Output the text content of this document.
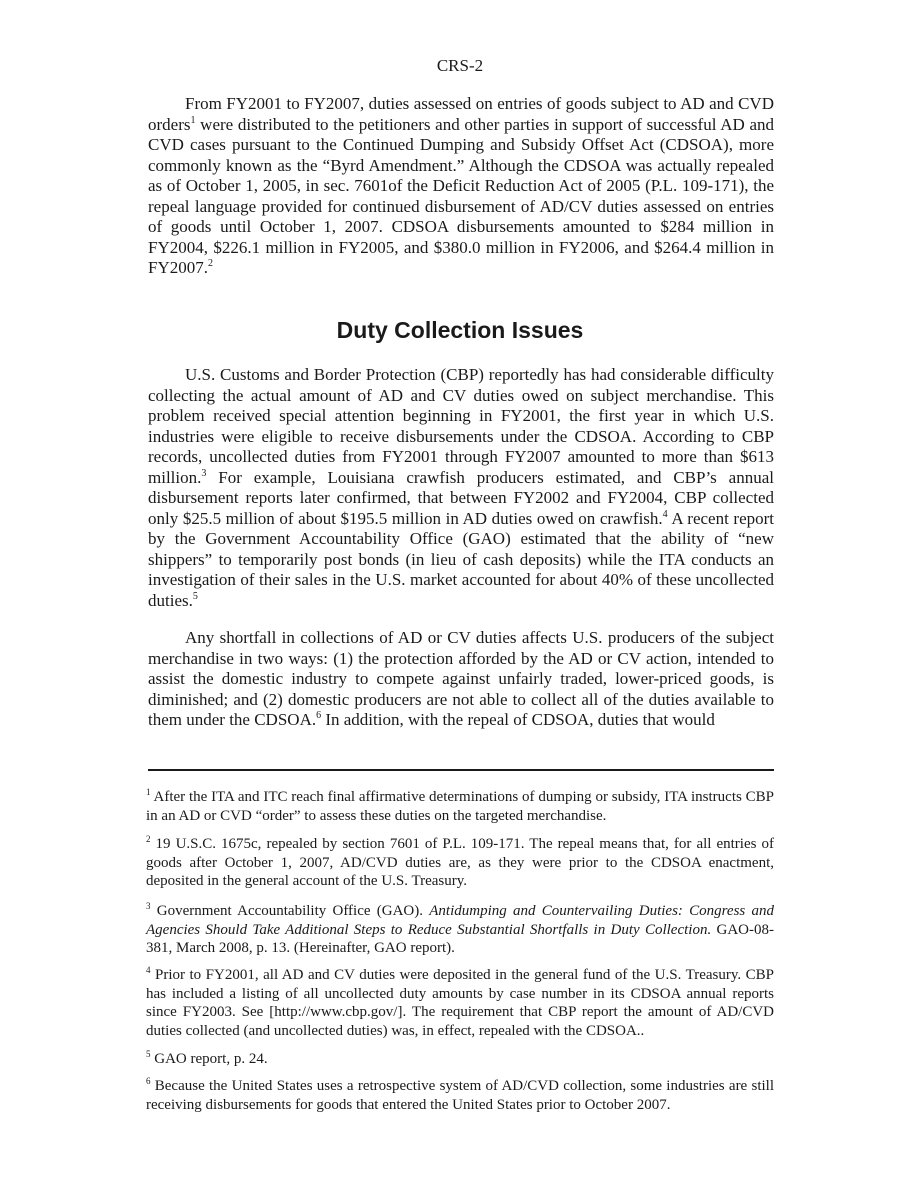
CRS-2

From FY2001 to FY2007, duties assessed on entries of goods subject to AD and CVD orders$^1$ were distributed to the petitioners and other parties in support of successful AD and CVD cases pursuant to the Continued Dumping and Subsidy Offset Act (CDSOA), more commonly known as the “Byrd Amendment.” Although the CDSOA was actually repealed as of October 1, 2005, in sec. 7601of the Deficit Reduction Act of 2005 (P.L. 109-171), the repeal language provided for continued disbursement of AD/CV duties assessed on entries of goods until October 1, 2007. CDSOA disbursements amounted to $284 million in FY2004, $226.1 million in FY2005, and $380.0 million in FY2006, and $264.4 million in FY2007.$^2$

Duty Collection Issues

U.S. Customs and Border Protection (CBP) reportedly has had considerable difficulty collecting the actual amount of AD and CV duties owed on subject merchandise. This problem received special attention beginning in FY2001, the first year in which U.S. industries were eligible to receive disbursements under the CDSOA. According to CBP records, uncollected duties from FY2001 through FY2007 amounted to more than $613 million.$^3$ For example, Louisiana crawfish producers estimated, and CBP’s annual disbursement reports later confirmed, that between FY2002 and FY2004, CBP collected only $25.5 million of about $195.5 million in AD duties owed on crawfish.$^4$ A recent report by the Government Accountability Office (GAO) estimated that the ability of “new shippers” to temporarily post bonds (in lieu of cash deposits) while the ITA conducts an investigation of their sales in the U.S. market accounted for about 40% of these uncollected duties.$^5$

Any shortfall in collections of AD or CV duties affects U.S. producers of the subject merchandise in two ways: (1) the protection afforded by the AD or CV action, intended to assist the domestic industry to compete against unfairly traded, lower-priced goods, is diminished; and (2) domestic producers are not able to collect all of the duties available to them under the CDSOA.$^6$ In addition, with the repeal of CDSOA, duties that would

$^1$ After the ITA and ITC reach final affirmative determinations of dumping or subsidy, ITA instructs CBP in an AD or CVD “order” to assess these duties on the targeted merchandise.

$^2$ 19 U.S.C. 1675c, repealed by section 7601 of P.L. 109-171. The repeal means that, for all entries of goods after October 1, 2007, AD/CVD duties are, as they were prior to the CDSOA enactment, deposited in the general account of the U.S. Treasury.

$^3$ Government Accountability Office (GAO). Antidumping and Countervailing Duties: Congress and Agencies Should Take Additional Steps to Reduce Substantial Shortfalls in Duty Collection. GAO-08-381, March 2008, p. 13. (Hereinafter, GAO report).

$^4$ Prior to FY2001, all AD and CV duties were deposited in the general fund of the U.S. Treasury. CBP has included a listing of all uncollected duty amounts by case number in its CDSOA annual reports since FY2003. See [http://www.cbp.gov/]. The requirement that CBP report the amount of AD/CVD duties collected (and uncollected duties) was, in effect, repealed with the CDSOA..

$^5$ GAO report, p. 24.

$^6$ Because the United States uses a retrospective system of AD/CVD collection, some industries are still receiving disbursements for goods that entered the United States prior to October 2007.
